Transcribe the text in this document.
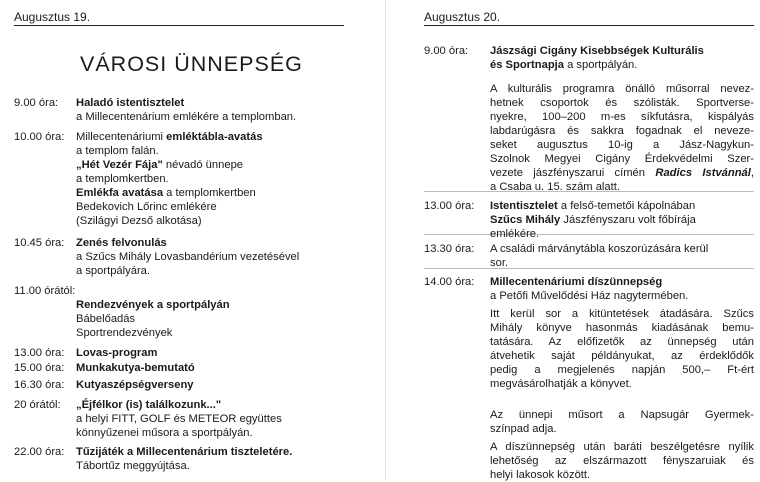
Augusztus 19.
VÁROSI ÜNNEPSÉG
9.00 óra: Haladó istentisztelet
a Millecentenárium emlékére a templomban.
10.00 óra: Millecentenáriumi emléktábla-avatás
a templom falán.
„Hét Vezér Fája" névadó ünnepe
a templomkertben.
Emlékfa avatása a templomkertben
Bedekovich Lőrinc emlékére
(Szilágyi Dezső alkotása)
10.45 óra: Zenés felvonulás
a Szűcs Mihály Lovasbandérium vezetésével
a sportpályára.
11.00 órától:

Rendezvények a sportpályán
Bábelőadás
Sportrendezvények
13.00 óra: Lovas-program
15.00 óra: Munkakutya-bemutató
16.30 óra: Kutyaszépségverseny
20 órától: „Éjfélkor (is) találkozunk..."
a helyi FITT, GOLF és METEOR együttes
könnyűzenei műsora a sportpályán.
22.00 óra: Tűzijáték a Millecentenárium tiszteletére.
Tábortűz meggyújtása.
Augusztus 20.
9.00 óra:	Jászsági Cigány Kisebbségek Kulturális
és Sportnapja a sportpályán.
A kulturális programra önálló műsorral nevez-
hetnek csoportok és szólisták. Sportverse-
nyekre, 100–200 m-es síkfutásra, kispályás
labdarúgásra és sakkra fogadnak el neveze-
seket augusztus 10-ig a Jász-Nagykun-
Szolnok Megyei Cigány Érdekvédelmi Szer-
vezete jászfényszarui címén Radics Istvánnál,
a Csaba u. 15. szám alatt.
13.00 óra:	Istentisztelet a felső-temetői kápolnában
Szűcs Mihály Jászfényszaru volt főbírája
emlékére.
13.30 óra:	A családi márványtábla koszorúzására kerül
sor.
14.00 óra:	Millecentenáriumi díszünnepség
a Petőfi Művelődési Ház nagytermében.
Itt kerül sor a kitüntetések átadására. Szűcs
Mihály könyve hasonmás kiadásának bemu-
tatására. Az előfizetők az ünnepség után
átvehetik saját példányukat, az érdeklődők
pedig a megjelenés napján 500,– Ft-ért
megvásárolhatják a könyvet.
Az ünnepi műsort a Napsugár Gyermek-
színpad adja.
A díszünnepség után baráti beszélgetésre nyílik
lehetőség az elszármazott fényszaruiak és
helyi lakosok között.
